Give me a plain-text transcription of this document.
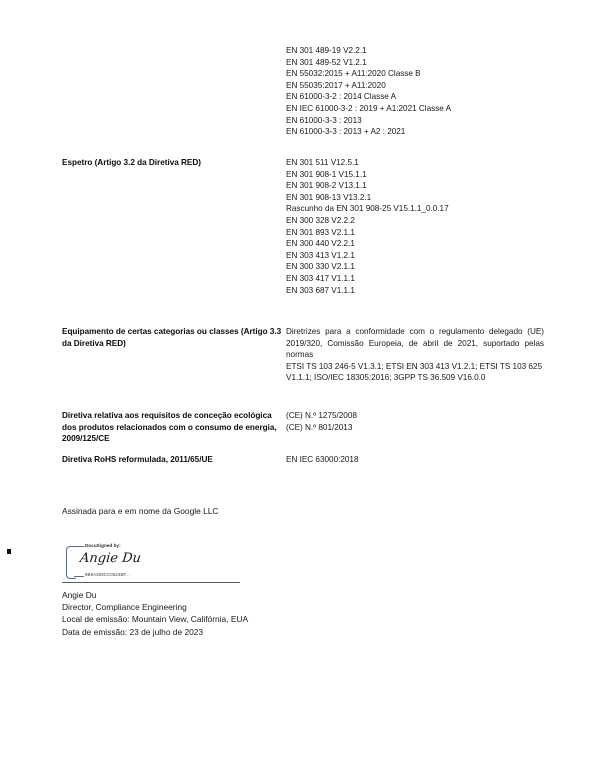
EN 301 489-19 V2.2.1
EN 301 489-52 V1.2.1
EN 55032:2015 + A11:2020 Classe B
EN 55035:2017 + A11:2020
EN 61000-3-2 : 2014 Classe A
EN IEC 61000-3-2 : 2019 + A1:2021 Classe A
EN 61000-3-3 : 2013
EN 61000-3-3 : 2013 + A2 : 2021
Espetro (Artigo 3.2 da Diretiva RED)	EN 301 511 V12.5.1
EN 301 908-1 V15.1.1
EN 301 908-2 V13.1.1
EN 301 908-13 V13.2.1
Rascunho da EN 301 908-25 V15.1.1_0.0.17
EN 300 328 V2.2.2
EN 301 893 V2.1.1
EN 300 440 V2.2.1
EN 303 413 V1.2.1
EN 300 330 V2.1.1
EN 303 417 V1.1.1
EN 303 687 V1.1.1
Equipamento de certas categorias ou classes (Artigo 3.3 da Diretiva RED)

Diretrizes para a conformidade com o regulamento delegado (UE) 2019/320, Comissão Europeia, de abril de 2021, suportado pelas normas

ETSI TS 103 246-5 V1.3.1; ETSI EN 303 413 V1.2.1; ETSI TS 103 625 V1.1.1; ISO/IEC 18305:2016; 3GPP TS 36.509 V16.0.0

Diretiva relativa aos requisitos de conceção ecológica dos produtos relacionados com o consumo de energia, 2009/125/CE
(CE) N.º 1275/2008
(CE) N.º 801/2013
Diretiva RoHS reformulada, 2011/65/UE	EN IEC 63000:2018
Assinada para e em nome da Google LLC
DocuSigned by:
Angie Du
9B9A308CC0524BF...
Angie Du
Director, Compliance Engineering
Local de emissão: Mountain View, Califórnia, EUA
Data de emissão: 23 de julho de 2023
